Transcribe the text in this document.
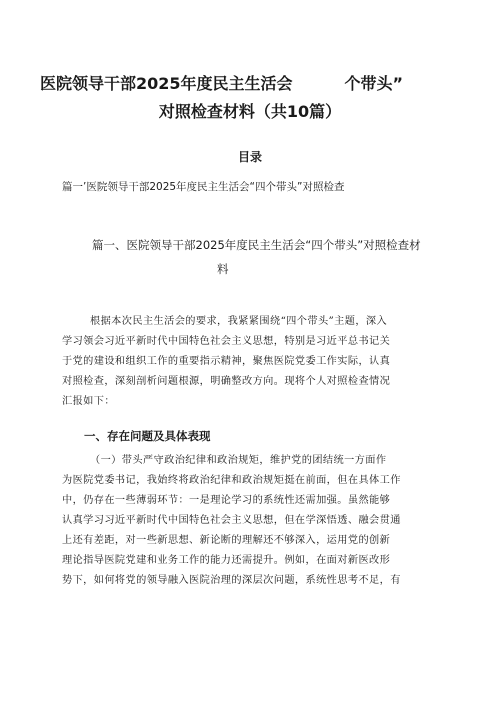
医院领导干部2025年度民主生活会	个带头”
对照检查材料（共10篇）
目录
篇一’医院领导干部2025年度民主生活会“四个带头”对照检查
篇一、医院领导干部2025年度民主生活会“四个带头”对照检查材
料
根据本次民主生活会的要求，我紧紧围绕“四个带头”主题，深入
学习领会习近平新时代中国特色社会主义思想，特别是习近平总书记关
于党的建设和组织工作的重要指示精神，聚焦医院党委工作实际，认真
对照检查，深刻剖析问题根源，明确整改方向。现将个人对照检查情况
汇报如下：
一、存在问题及具体表现
（一）带头严守政治纪律和政治规矩，维护党的团结统一方面作
为医院党委书记，我始终将政治纪律和政治规矩挺在前面，但在具体工作
中，仍存在一些薄弱环节：一是理论学习的系统性还需加强。虽然能够
认真学习习近平新时代中国特色社会主义思想，但在学深悟透、融会贯通
上还有差距，对一些新思想、新论断的理解还不够深入，运用党的创新
理论指导医院党建和业务工作的能力还需提升。例如，在面对新医改形
势下，如何将党的领导融入医院治理的深层次问题，系统性思考不足，有
